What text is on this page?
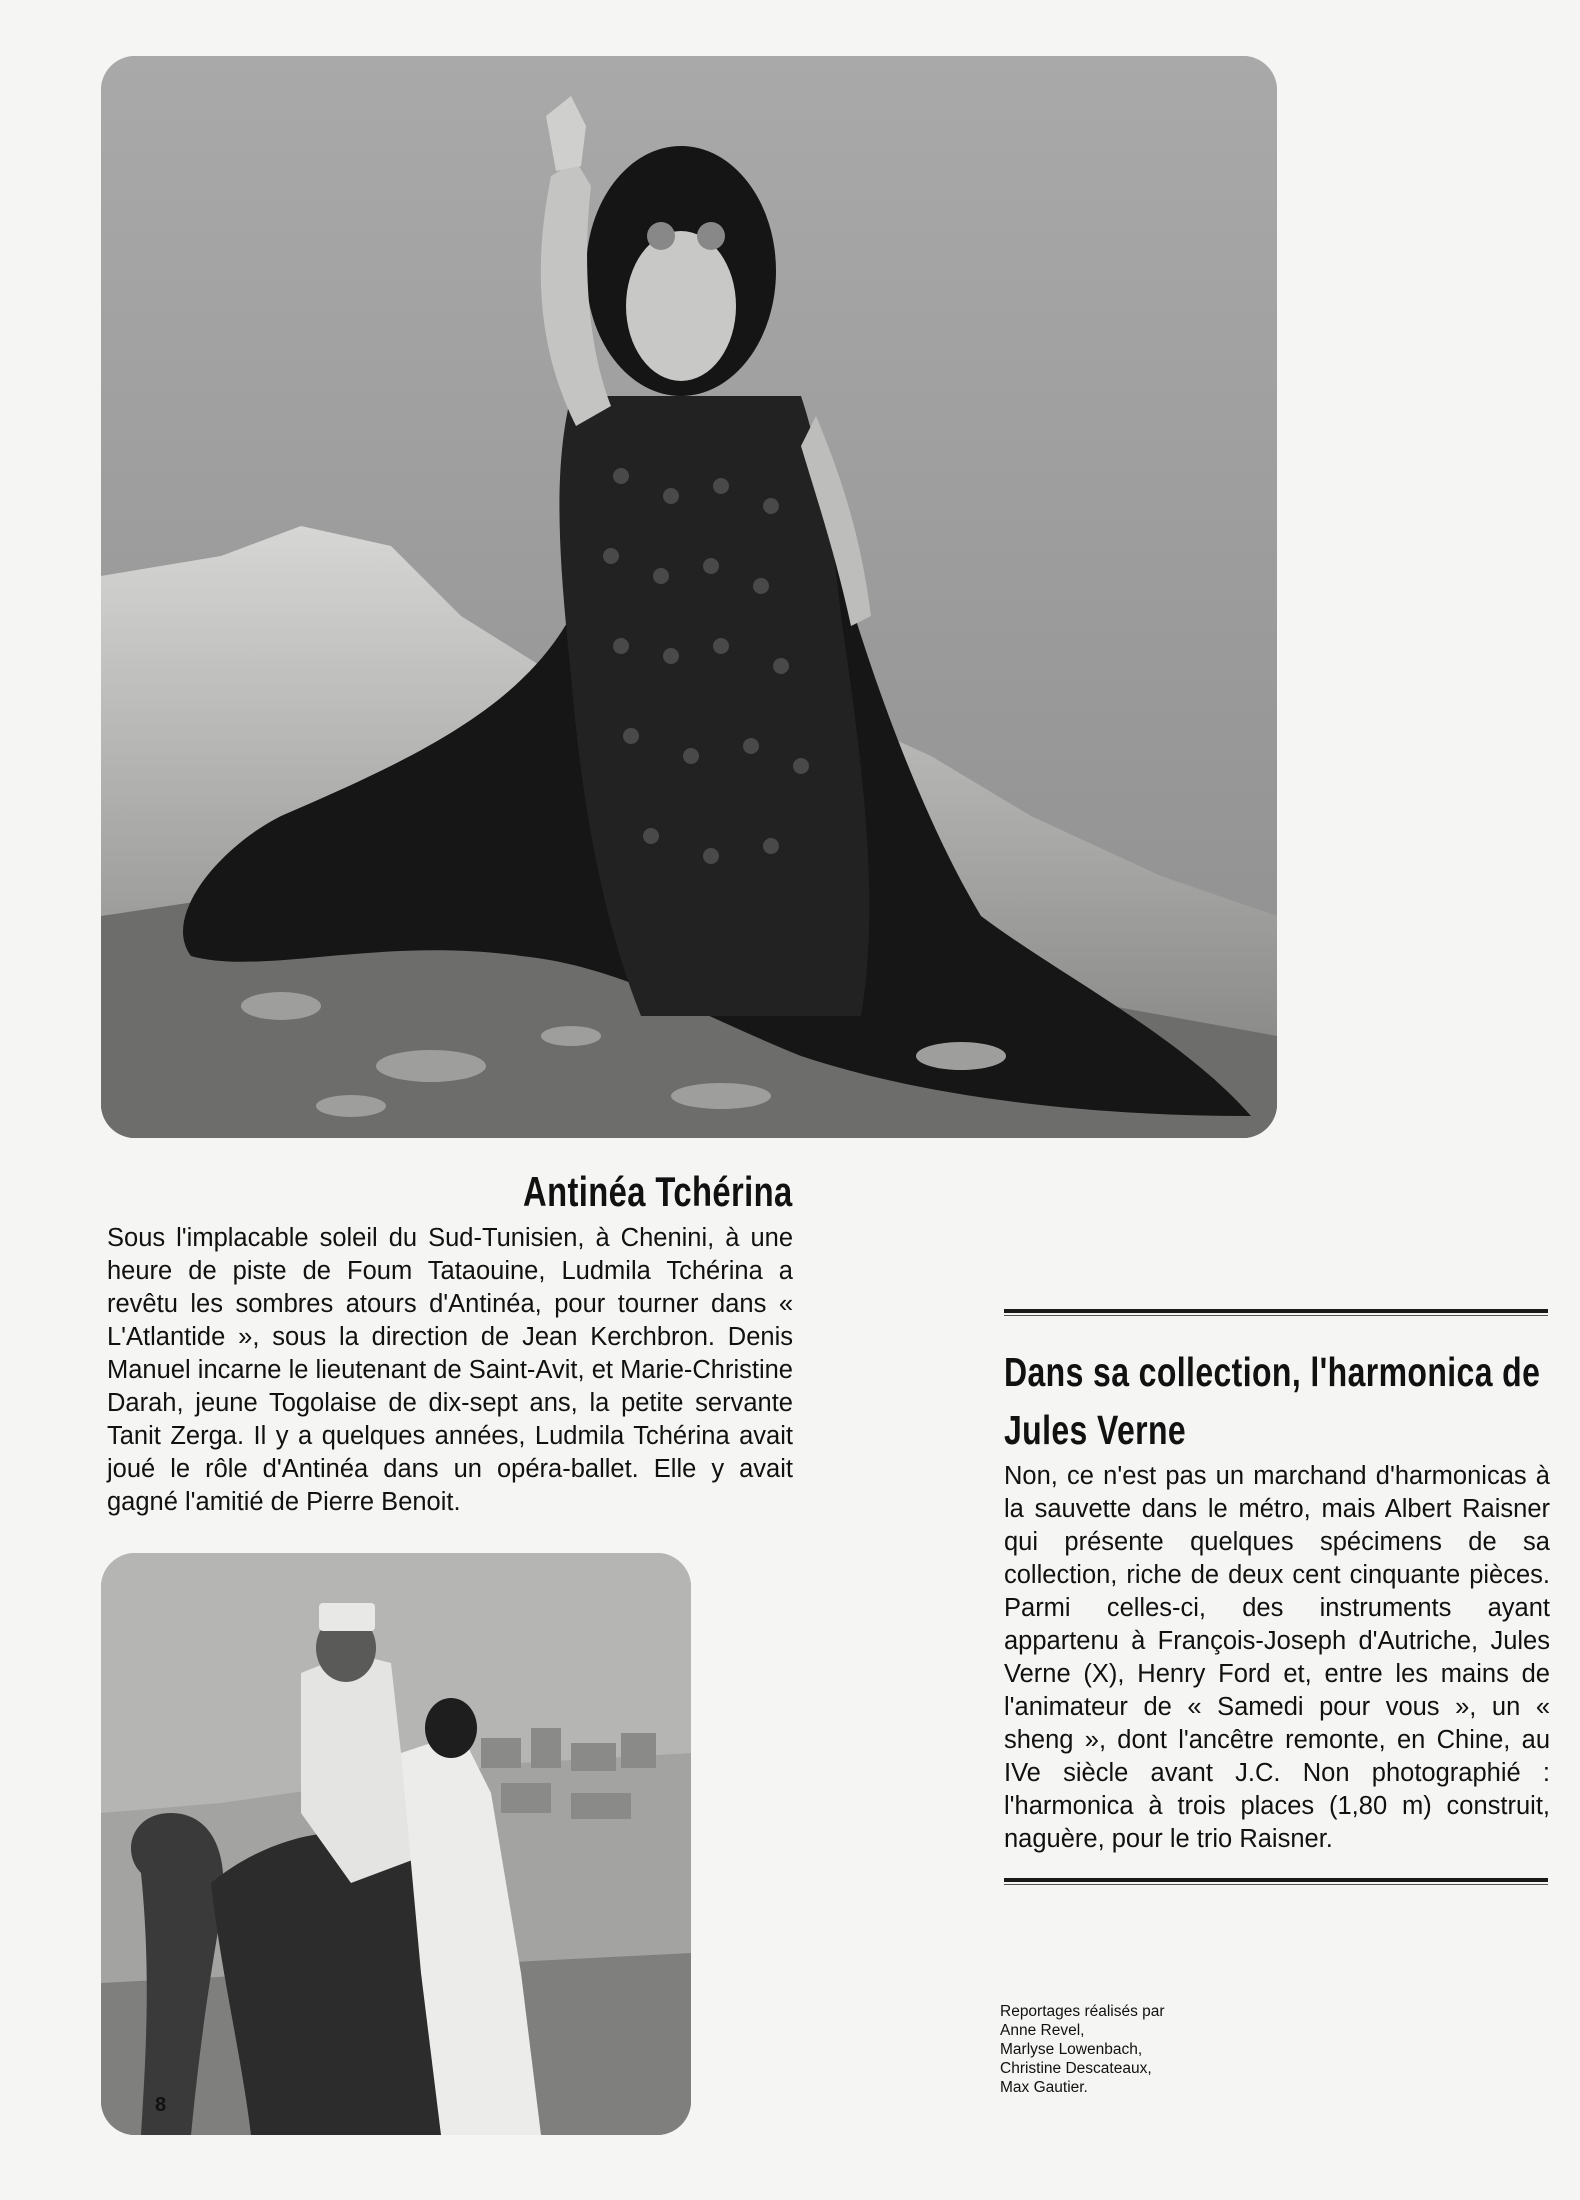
Antinéa Tchérina

Sous l'implacable soleil du Sud-Tunisien, à Chenini, à une heure de piste de Foum Tataouine, Ludmila Tchérina a revêtu les sombres atours d'Antinéa, pour tourner dans « L'Atlantide », sous la direction de Jean Kerchbron. Denis Manuel incarne le lieutenant de Saint-Avit, et Marie-Christine Darah, jeune Togolaise de dix-sept ans, la petite servante Tanit Zerga. Il y a quelques années, Ludmila Tchérina avait joué le rôle d'Antinéa dans un opéra-ballet. Elle y avait gagné l'amitié de Pierre Benoit.

Dans sa collection, l'harmonica de Jules Verne

Non, ce n'est pas un marchand d'harmonicas à la sauvette dans le métro, mais Albert Raisner qui présente quelques spécimens de sa collection, riche de deux cent cinquante pièces. Parmi celles-ci, des instruments ayant appartenu à François-Joseph d'Autriche, Jules Verne (X), Henry Ford et, entre les mains de l'animateur de « Samedi pour vous », un « sheng », dont l'ancêtre remonte, en Chine, au IVe siècle avant J.C. Non photographié : l'harmonica à trois places (1,80 m) construit, naguère, pour le trio Raisner.

Reportages réalisés par
Anne Revel,
Marlyse Lowenbach,
Christine Descateaux,
Max Gautier.
8
